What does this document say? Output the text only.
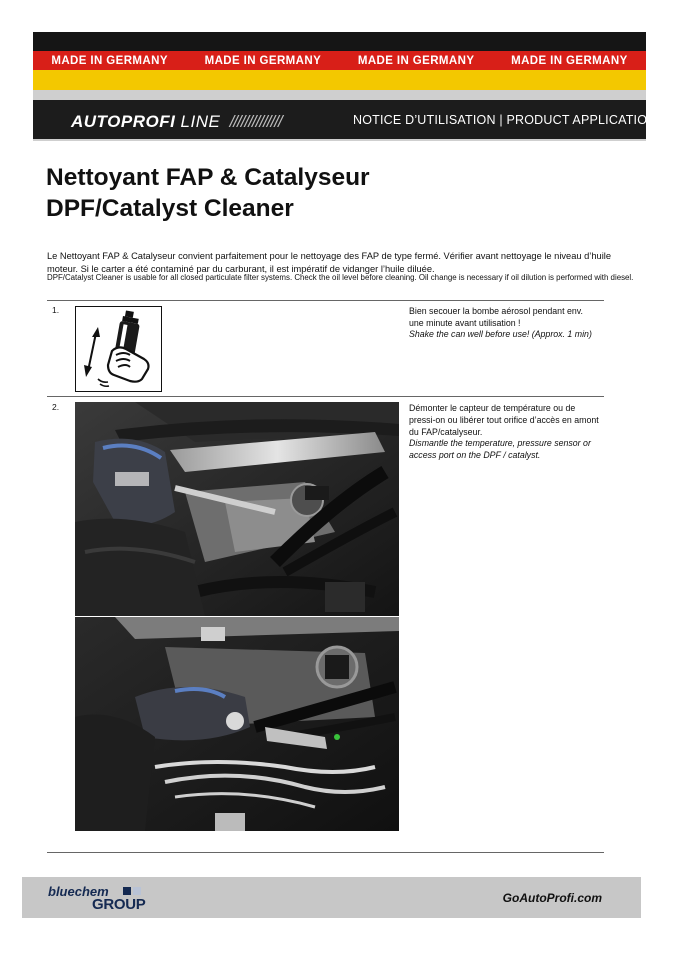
MADE IN GERMANY	MADE IN GERMANY	MADE IN GERMANY	MADE IN GERMANY
AUTOPROFI LINE //////////////	NOTICE D’UTILISATION | PRODUCT APPLICATION
Nettoyant FAP & Catalyseur
DPF/Catalyst Cleaner
Le Nettoyant FAP & Catalyseur convient parfaitement pour le nettoyage des FAP de type fermé. Vérifier avant nettoyage le niveau d’huile moteur. Si le carter a été contaminé par du carburant, il est impératif de vidanger l’huile diluée.
DPF/Catalyst Cleaner is usable for all closed particulate filter systems. Check the oil level before cleaning. Oil change is necessary if oil dilution is performed with diesel.
1.	Bien secouer la bombe aérosol pendant env. une minute avant utilisation !
Shake the can well before use! (Approx. 1 min)
2.	Démonter le capteur de température ou de pressi-on ou libérer tout orifice d’accès en amont du FAP/catalyseur.
Dismantle the temperature, pressure sensor or access port on the DPF / catalyst.
bluechem
GROUP	GoAutoProfi.com
